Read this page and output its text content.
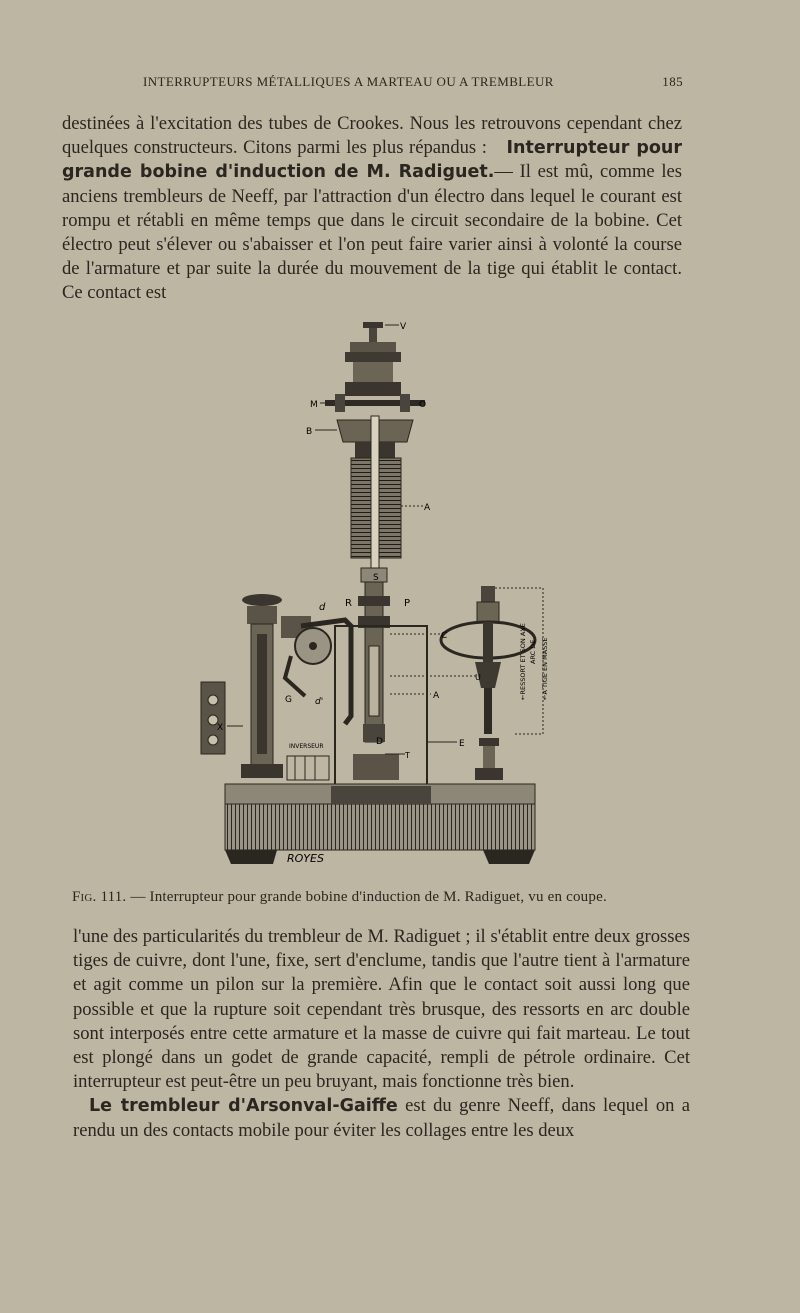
INTERRUPTEURS MÉTALLIQUES A MARTEAU OU A TREMBLEUR	185
destinées à l'excitation des tubes de Crookes. Nous les retrouvons cependant chez quelques constructeurs. Citons parmi les plus répandus : Interrupteur pour grande bobine d'induction de M. Radiguet.— Il est mû, comme les anciens trembleurs de Neeff, par l'attraction d'un électro dans lequel le courant est rompu et rétabli en même temps que dans le circuit secondaire de la bobine. Cet électro peut s'élever ou s'abaisser et l'on peut faire varier ainsi à volonté la course de l'armature et par suite la durée du mouvement de la tige qui établit le contact. Ce contact est
V
M	O
B
A
R	P
d
C
U
A
G	d'
S
D
X
E
T
INVERSEUR
←A TIGE EN MASSE
ARC DE
←RESSORT ET SON AXE
ROYES
Fig. 111. — Interrupteur pour grande bobine d'induction de M. Radiguet, vu en coupe.
l'une des particularités du trembleur de M. Radiguet ; il s'établit entre deux grosses tiges de cuivre, dont l'une, fixe, sert d'enclume, tandis que l'autre tient à l'armature et agit comme un pilon sur la première. Afin que le contact soit aussi long que possible et que la rupture soit cependant très brusque, des ressorts en arc double sont interposés entre cette armature et la masse de cuivre qui fait marteau. Le tout est plongé dans un godet de grande capacité, rempli de pétrole ordinaire. Cet interrupteur est peut-être un peu bruyant, mais fonctionne très bien.
Le trembleur d'Arsonval-Gaiffe est du genre Neeff, dans lequel on a rendu un des contacts mobile pour éviter les collages entre les deux
